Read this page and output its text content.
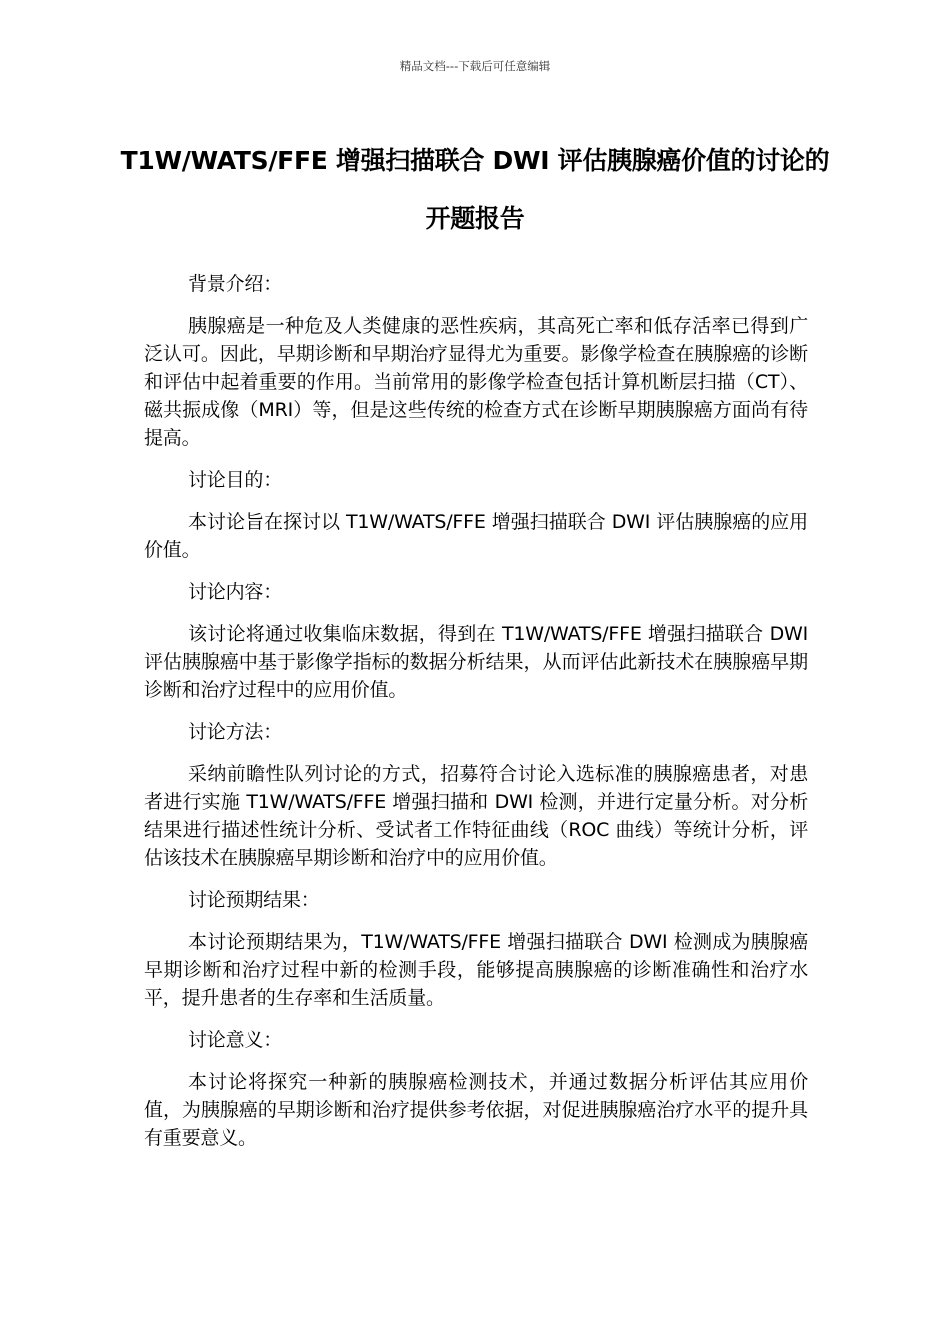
精品文档---下载后可任意编辑
T1W/WATS/FFE 增强扫描联合 DWI 评估胰腺癌价值的讨论的开题报告

背景介绍：

胰腺癌是一种危及人类健康的恶性疾病，其高死亡率和低存活率已得到广泛认可。因此，早期诊断和早期治疗显得尤为重要。影像学检查在胰腺癌的诊断和评估中起着重要的作用。当前常用的影像学检查包括计算机断层扫描（CT）、磁共振成像（MRI）等，但是这些传统的检查方式在诊断早期胰腺癌方面尚有待提高。

讨论目的：

本讨论旨在探讨以 T1W/WATS/FFE 增强扫描联合 DWI 评估胰腺癌的应用价值。

讨论内容：

该讨论将通过收集临床数据，得到在 T1W/WATS/FFE 增强扫描联合 DWI 评估胰腺癌中基于影像学指标的数据分析结果，从而评估此新技术在胰腺癌早期诊断和治疗过程中的应用价值。

讨论方法：

采纳前瞻性队列讨论的方式，招募符合讨论入选标准的胰腺癌患者，对患者进行实施 T1W/WATS/FFE 增强扫描和 DWI 检测，并进行定量分析。对分析结果进行描述性统计分析、受试者工作特征曲线（ROC 曲线）等统计分析，评估该技术在胰腺癌早期诊断和治疗中的应用价值。

讨论预期结果：

本讨论预期结果为，T1W/WATS/FFE 增强扫描联合 DWI 检测成为胰腺癌早期诊断和治疗过程中新的检测手段，能够提高胰腺癌的诊断准确性和治疗水平，提升患者的生存率和生活质量。

讨论意义：

本讨论将探究一种新的胰腺癌检测技术，并通过数据分析评估其应用价值，为胰腺癌的早期诊断和治疗提供参考依据，对促进胰腺癌治疗水平的提升具有重要意义。
